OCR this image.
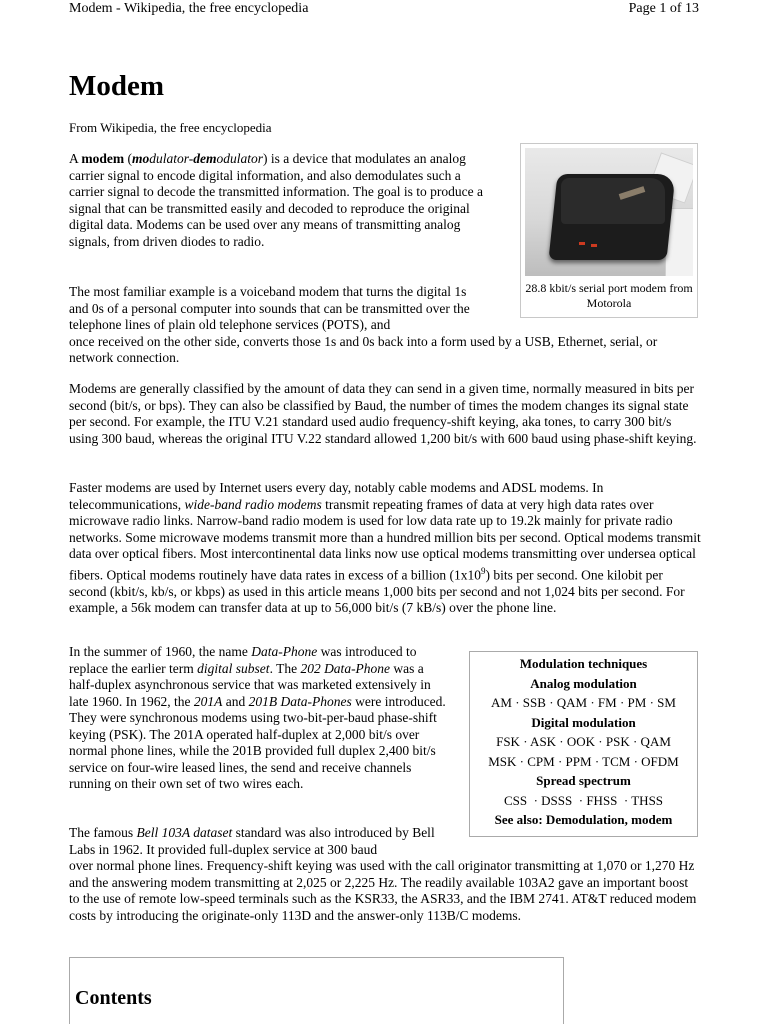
Modem - Wikipedia, the free encyclopedia	Page 1 of 13
Modem
From Wikipedia, the free encyclopedia

A modem (modulator-demodulator) is a device that modulates an analog carrier signal to encode digital information, and also demodulates such a carrier signal to decode the transmitted information. The goal is to produce a signal that can be transmitted easily and decoded to reproduce the original digital data. Modems can be used over any means of transmitting analog signals, from driven diodes to radio.

28.8 kbit/s serial port modem from Motorola

The most familiar example is a voiceband modem that turns the digital 1s and 0s of a personal computer into sounds that can be transmitted over the telephone lines of plain old telephone services (POTS), and

once received on the other side, converts those 1s and 0s back into a form used by a USB, Ethernet, serial, or network connection.

Modems are generally classified by the amount of data they can send in a given time, normally measured in bits per second (bit/s, or bps). They can also be classified by Baud, the number of times the modem changes its signal state per second. For example, the ITU V.21 standard used audio frequency-shift keying, aka tones, to carry 300 bit/s using 300 baud, whereas the original ITU V.22 standard allowed 1,200 bit/s with 600 baud using phase-shift keying.

Faster modems are used by Internet users every day, notably cable modems and ADSL modems. In telecommunications, wide-band radio modems transmit repeating frames of data at very high data rates over microwave radio links. Narrow-band radio modem is used for low data rate up to 19.2k mainly for private radio networks. Some microwave modems transmit more than a hundred million bits per second. Optical modems transmit data over optical fibers. Most intercontinental data links now use optical modems transmitting over undersea optical fibers. Optical modems routinely have data rates in excess of a billion $(1x10^9)$ bits per second. One kilobit per second (kbit/s, kb/s, or kbps) as used in this article means 1,000 bits per second and not 1,024 bits per second. For example, a 56k modem can transfer data at up to 56,000 bit/s (7 kB/s) over the phone line.

In the summer of 1960, the name Data-Phone was introduced to replace the earlier term digital subset. The 202 Data-Phone was a half-duplex asynchronous service that was marketed extensively in late 1960. In 1962, the 201A and 201B Data-Phones were introduced. They were synchronous modems using two-bit-per-baud phase-shift keying (PSK). The 201A operated half-duplex at 2,000 bit/s over normal phone lines, while the 201B provided full duplex 2,400 bit/s service on four-wire leased lines, the send and receive channels running on their own set of two wires each.

Modulation techniques
Analog modulation
AM · SSB · QAM · FM · PM · SM
Digital modulation
FSK · ASK · OOK · PSK · QAM
MSK · CPM · PPM · TCM · OFDM
Spread spectrum
CSS  · DSSS  · FHSS  · THSS
See also: Demodulation, modem

The famous Bell 103A dataset standard was also introduced by Bell Labs in 1962. It provided full-duplex service at 300 baud

over normal phone lines. Frequency-shift keying was used with the call originator transmitting at 1,070 or 1,270 Hz and the answering modem transmitting at 2,025 or 2,225 Hz. The readily available 103A2 gave an important boost to the use of remote low-speed terminals such as the KSR33, the ASR33, and the IBM 2741. AT&T reduced modem costs by introducing the originate-only 113D and the answer-only 113B/C modems.

Contents
